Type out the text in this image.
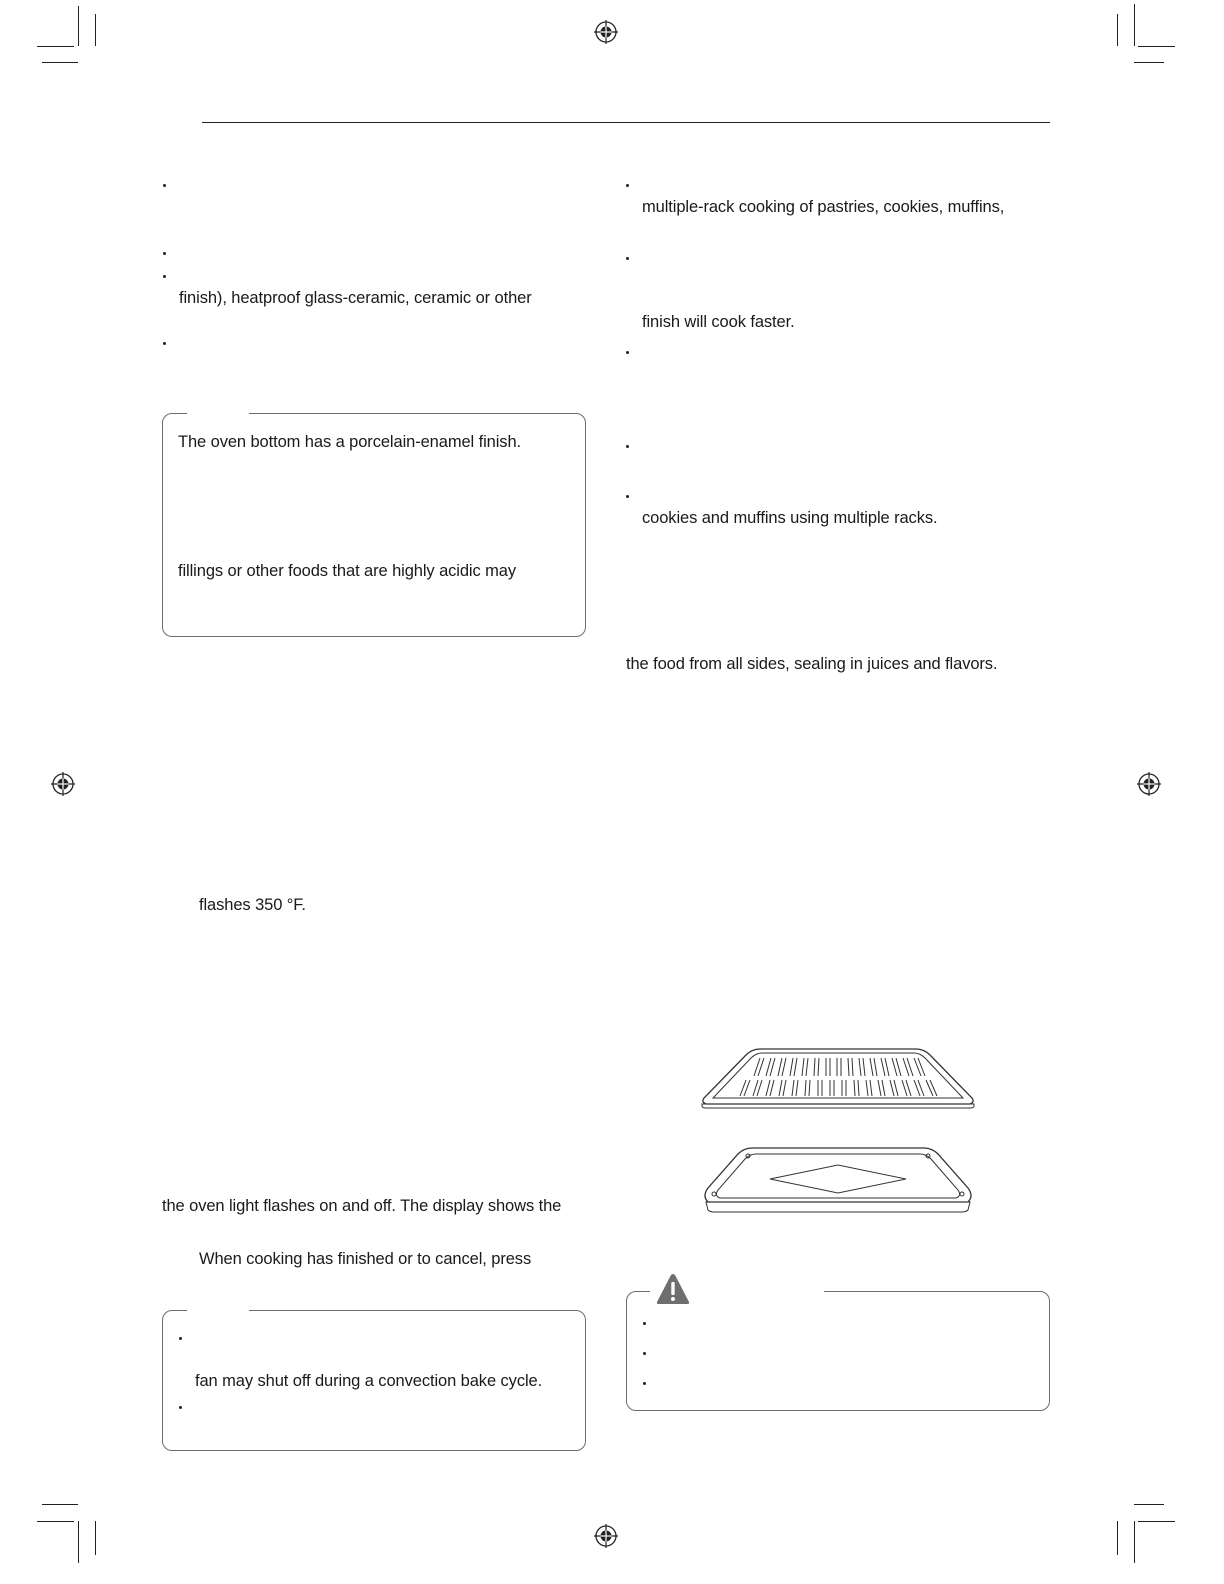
finish), heatproof glass-ceramic, ceramic or other
The oven bottom has a porcelain-enamel finish.
fillings or other foods that are highly acidic may
flashes 350 °F.
the oven light flashes on and off. The display shows the
When cooking has finished or to cancel, press
fan may shut off during a convection bake cycle.
multiple-rack cooking of pastries, cookies, muffins,
finish will cook faster.
cookies and muffins using multiple racks.
the food from all sides, sealing in juices and flavors.
